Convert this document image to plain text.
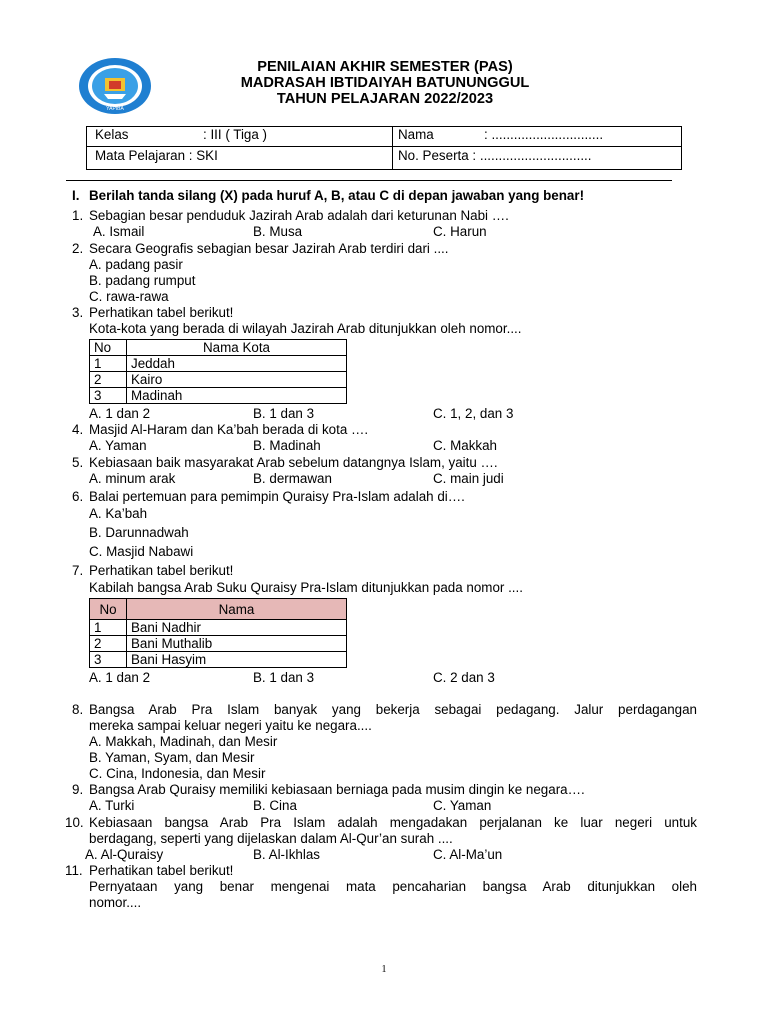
YAPIBA
PENILAIAN AKHIR SEMESTER (PAS)
MADRASAH IBTIDAIYAH BATUNUNGGUL
TAHUN PELAJARAN 2022/2023
Kelas	: III ( Tiga )
Mata Pelajaran : SKI
Nama	: ..............................
No. Peserta : ..............................
I. Berilah tanda silang (X) pada huruf A, B, atau C di depan jawaban yang benar!
1. Sebagian besar penduduk Jazirah Arab adalah dari keturunan Nabi ….
A. Ismail	B. Musa	C. Harun
2. Secara Geografis sebagian besar Jazirah Arab terdiri dari ....
A. padang pasir
B. padang rumput
C. rawa-rawa
3. Perhatikan tabel berikut!
Kota-kota yang berada di wilayah Jazirah Arab ditunjukkan oleh nomor....
No	Nama Kota
1	Jeddah
2	Kairo
3	Madinah
A. 1 dan 2	B. 1 dan 3	C. 1, 2, dan 3
4. Masjid Al-Haram dan Ka’bah berada di kota ….
A. Yaman	B. Madinah	C. Makkah
5. Kebiasaan baik masyarakat Arab sebelum datangnya Islam, yaitu ….
A. minum arak	B. dermawan	C. main judi
6. Balai pertemuan para pemimpin Quraisy Pra-Islam adalah di….
A. Ka’bah
B. Darunnadwah
C. Masjid Nabawi
7. Perhatikan tabel berikut!
Kabilah bangsa Arab Suku Quraisy Pra-Islam ditunjukkan pada nomor ....
No	Nama
1	Bani Nadhir
2	Bani Muthalib
3	Bani Hasyim
A. 1 dan 2	B. 1 dan 3	C. 2 dan 3
8. Bangsa Arab Pra Islam banyak yang bekerja sebagai pedagang. Jalur perdagangan
mereka sampai keluar negeri yaitu ke negara....
A. Makkah, Madinah, dan Mesir
B. Yaman, Syam, dan Mesir
C. Cina, Indonesia, dan Mesir
9. Bangsa Arab Quraisy memiliki kebiasaan berniaga pada musim dingin ke negara….
A. Turki	B. Cina	C. Yaman
10. Kebiasaan bangsa Arab Pra Islam adalah mengadakan perjalanan ke luar negeri untuk
berdagang, seperti yang dijelaskan dalam Al-Qur’an surah ....
A. Al-Quraisy	B. Al-Ikhlas	C. Al-Ma’un
11. Perhatikan tabel berikut!
Pernyataan yang benar mengenai mata pencaharian bangsa Arab ditunjukkan oleh
nomor....
1
